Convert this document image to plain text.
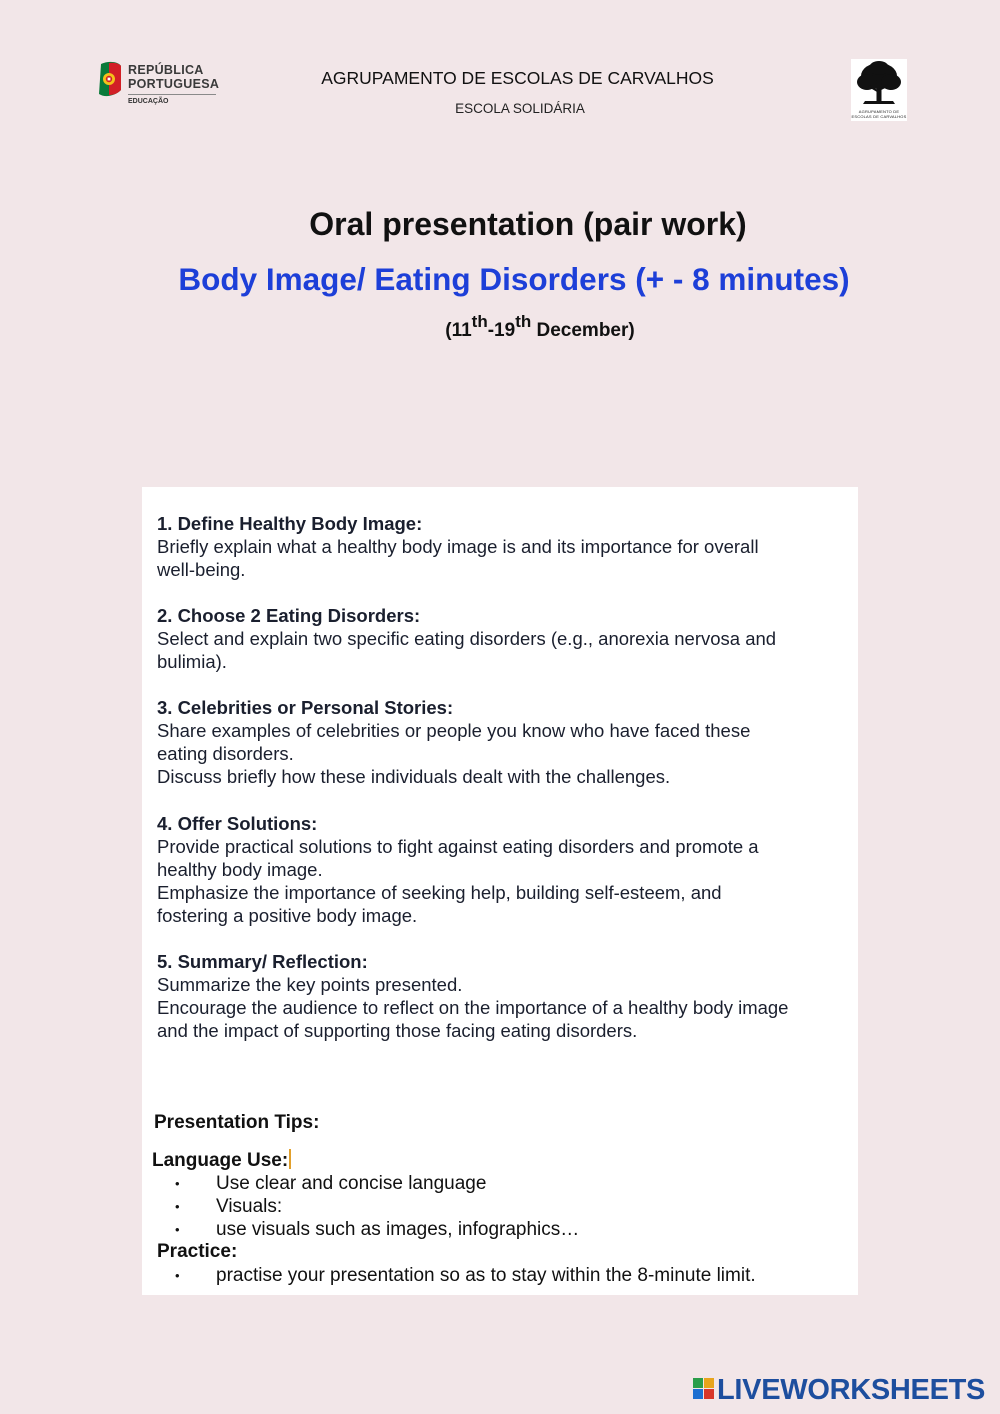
REPÚBLICA
PORTUGUESA
EDUCAÇÃO
AGRUPAMENTO DE ESCOLAS DE CARVALHOS
ESCOLA SOLIDÁRIA	AGRUPAMENTO DE
ESCOLAS DE CARVALHOS
Oral presentation (pair work)
Body Image/ Eating Disorders (+ - 8 minutes)
(11th-19th December)
1. Define Healthy Body Image:
Briefly explain what a healthy body image is and its importance for overall
well-being.
2. Choose 2 Eating Disorders:
Select and explain two specific eating disorders (e.g., anorexia nervosa and
bulimia).
3. Celebrities or Personal Stories:
Share examples of celebrities or people you know who have faced these
eating disorders.
Discuss briefly how these individuals dealt with the challenges.
4. Offer Solutions:
Provide practical solutions to fight against eating disorders and promote a
healthy body image.
Emphasize the importance of seeking help, building self-esteem, and
fostering a positive body image.
5. Summary/ Reflection:
Summarize the key points presented.
Encourage the audience to reflect on the importance of a healthy body image
and the impact of supporting those facing eating disorders.
Presentation Tips:
Language Use:
• Use clear and concise language
• Visuals:
• use visuals such as images, infographics…
Practice:
• practise your presentation so as to stay within the 8-minute limit.
LIVEWORKSHEETS
